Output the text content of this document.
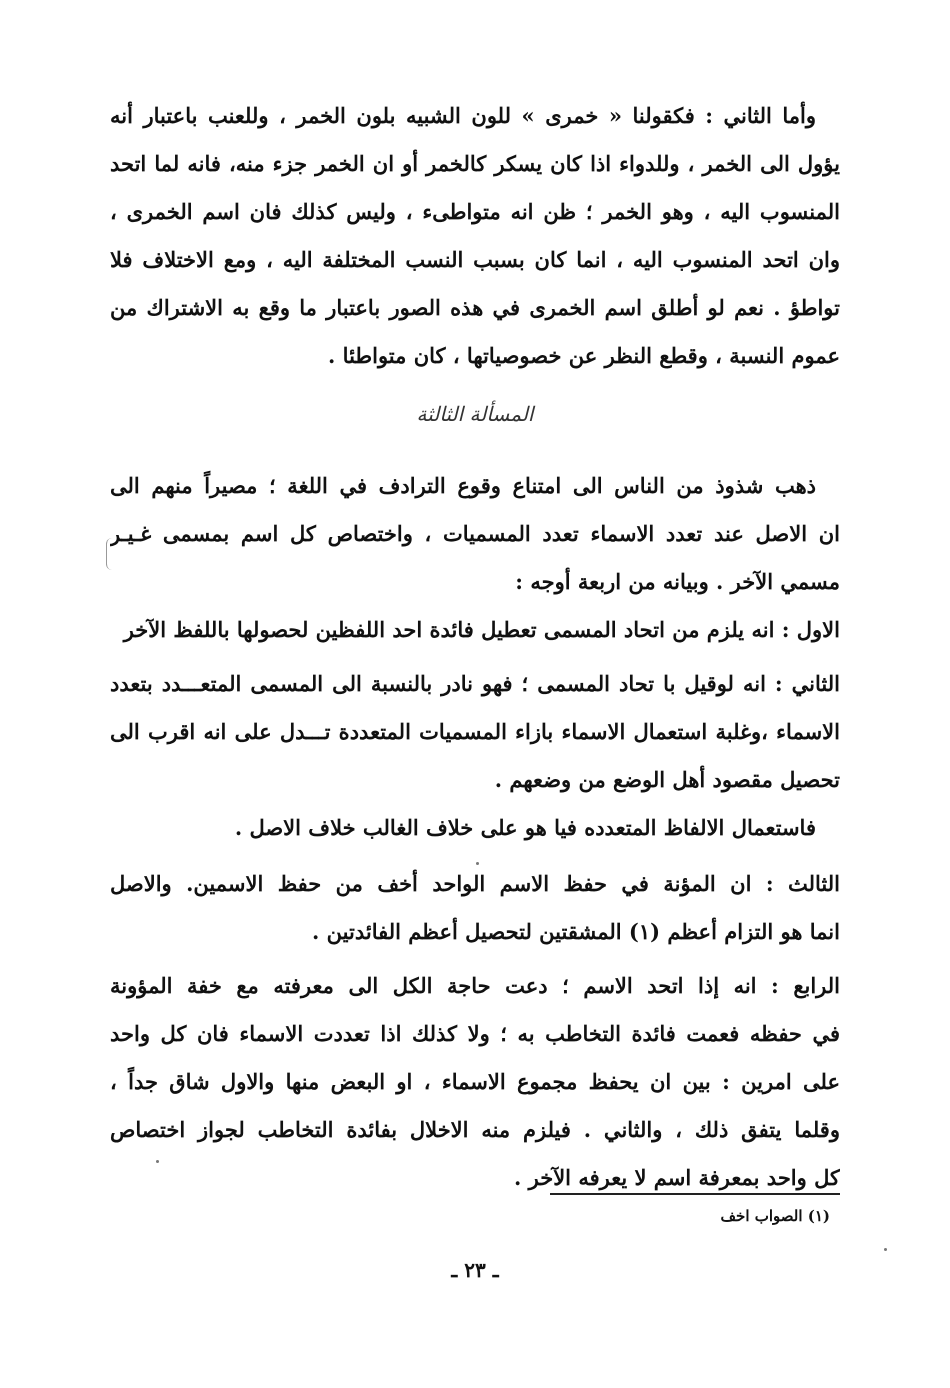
وأما الثاني : فكقولنا « خمرى » للون الشبيه بلون الخمر ، وللعنب باعتبار أنه
يؤول الى الخمر ، وللدواء اذا كان يسكر كالخمر أو ان الخمر جزء منه، فانه لما اتحد
المنسوب اليه ، وهو الخمر ؛ ظن انه متواطىء ، وليس كذلك فان اسم الخمرى ،
وان اتحد المنسوب اليه ، انما كان بسبب النسب المختلفة اليه ، ومع الاختلاف فلا
تواطؤ . نعم لو أطلق اسم الخمرى في هذه الصور باعتبار ما وقع به الاشتراك من
عموم النسبة ، وقطع النظر عن خصوصياتها ، كان متواطئا .
المسألة الثالثة
ذهب شذوذ من الناس الى امتناع وقوع الترادف في اللغة ؛ مصيراً منهم الى
ان الاصل عند تعدد الاسماء تعدد المسميات ، واختصاص كل اسم بمسمى غـيـر
مسمي الآخر . وبيانه من اربعة أوجه :
الاول : انه يلزم من اتحاد المسمى تعطيل فائدة احد اللفظين لحصولها باللفظ الآخر
الثاني : انه لوقيل با تحاد المسمى ؛ فهو نادر بالنسبة الى المسمى المتعـــدد بتعدد
الاسماء ،وغلبة استعمال الاسماء بازاء المسميات المتعددة تـــدل على انه اقرب الى
تحصيل مقصود أهل الوضع من وضعهم .
فاستعمال الالفاظ المتعدده فيا هو على خلاف الغالب خلاف الاصل .
الثالث : ان المؤنة في حفظ الاسم الواحد أخف من حفظ الاسمين. والاصل
انما هو التزام أعظم (١) المشقتين لتحصيل أعظم الفائدتين .
الرابع : انه إذا اتحد الاسم ؛ دعت حاجة الكل الى معرفته مع خفة المؤونة
في حفظه فعمت فائدة التخاطب به ؛ ولا كذلك اذا تعددت الاسماء فان كل واحد
على امرين : بين ان يحفظ مجموع الاسماء ، او البعض منها والاول شاق جداً ،
وقلما يتفق ذلك ، والثاني . فيلزم منه الاخلال بفائدة التخاطب لجواز اختصاص
كل واحد بمعرفة اسم لا يعرفه الآخر .
(١) الصواب اخف
ـ ٢٣ ـ
